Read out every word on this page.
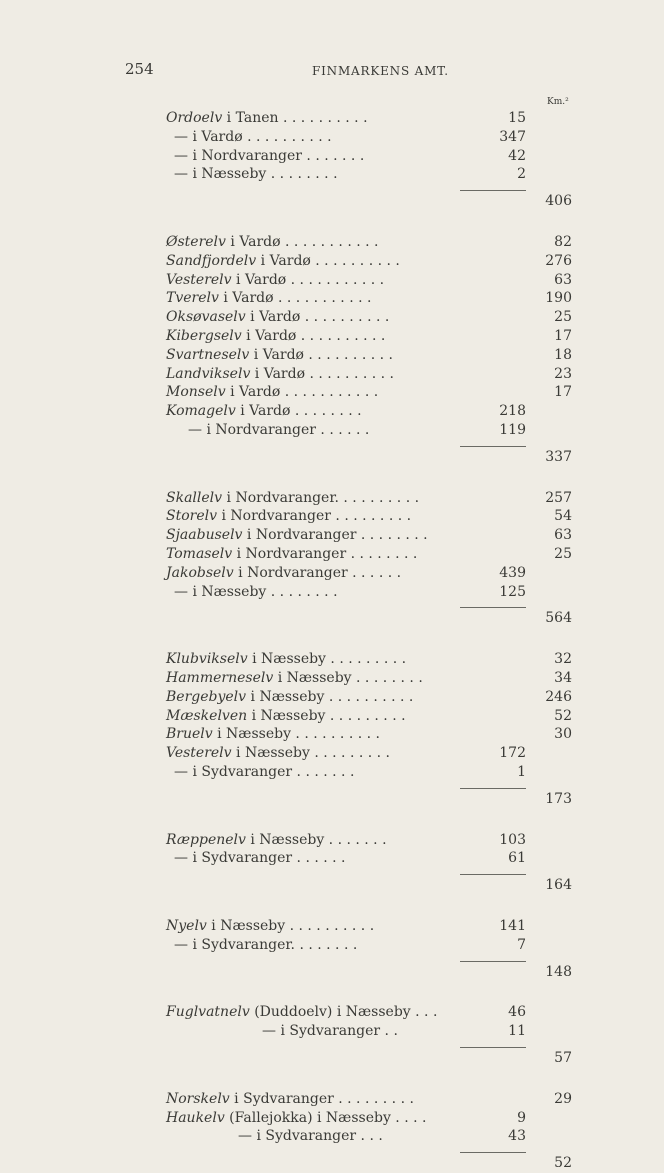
254	FINMARKENS AMT.
Km.²
Ordoelv i Tanen . . . . . . . . . .	15
— i Vardø . . . . . . . . . .	347
— i Nordvaranger . . . . . . .	42
— i Næsseby . . . . . . . .	2
406
Østerelv i Vardø . . . . . . . . . . .	82
Sandfjordelv i Vardø . . . . . . . . . .	276
Vesterelv i Vardø . . . . . . . . . . .	63
Tverelv i Vardø . . . . . . . . . . .	190
Oksøvaselv i Vardø . . . . . . . . . .	25
Kibergselv i Vardø . . . . . . . . . .	17
Svartneselv i Vardø . . . . . . . . . .	18
Landvikselv i Vardø . . . . . . . . . .	23
Monselv i Vardø . . . . . . . . . . .	17
Komagelv i Vardø . . . . . . . .	218
— i Nordvaranger . . . . . .	119
337
Skallelv i Nordvaranger. . . . . . . . . .	257
Storelv i Nordvaranger . . . . . . . . .	54
Sjaabuselv i Nordvaranger . . . . . . . .	63
Tomaselv i Nordvaranger . . . . . . . .	25
Jakobselv i Nordvaranger . . . . . .	439
— i Næsseby . . . . . . . .	125
564
Klubvikselv i Næsseby . . . . . . . . .	32
Hammerneselv i Næsseby . . . . . . . .	34
Bergebyelv i Næsseby . . . . . . . . . .	246
Mæskelven i Næsseby . . . . . . . . .	52
Bruelv i Næsseby . . . . . . . . . .	30
Vesterelv i Næsseby . . . . . . . . .	172
— i Sydvaranger . . . . . . .	1
173
Ræppenelv i Næsseby . . . . . . .	103
— i Sydvaranger . . . . . .	61
164
Nyelv i Næsseby . . . . . . . . . .	141
— i Sydvaranger. . . . . . . .	7
148
Fuglvatnelv (Duddoelv) i Næsseby . . .	46
— i Sydvaranger . .	11
57
Norskelv i Sydvaranger . . . . . . . . .	29
Haukelv (Fallejokka) i Næsseby . . . .	9
— i Sydvaranger . . .	43
52
